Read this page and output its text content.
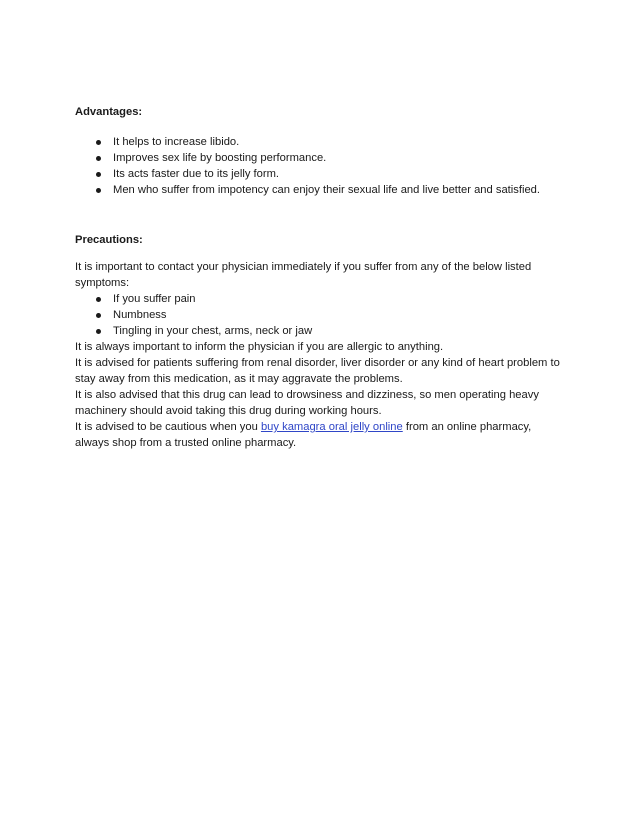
Advantages:

It helps to increase libido.
Improves sex life by boosting performance.
Its acts faster due to its jelly form.
Men who suffer from impotency can enjoy their sexual life and live better and satisfied.

Precautions:

It is important to contact your physician immediately if you suffer from any of the below listed symptoms:

If you suffer pain
Numbness
Tingling in your chest, arms, neck or jaw

It is always important to inform the physician if you are allergic to anything.

It is advised for patients suffering from renal disorder, liver disorder or any kind of heart problem to stay away from this medication, as it may aggravate the problems.

It is also advised that this drug can lead to drowsiness and dizziness, so men operating heavy machinery should avoid taking this drug during working hours.

It is advised to be cautious when you buy kamagra oral jelly online from an online pharmacy, always shop from a trusted online pharmacy.
